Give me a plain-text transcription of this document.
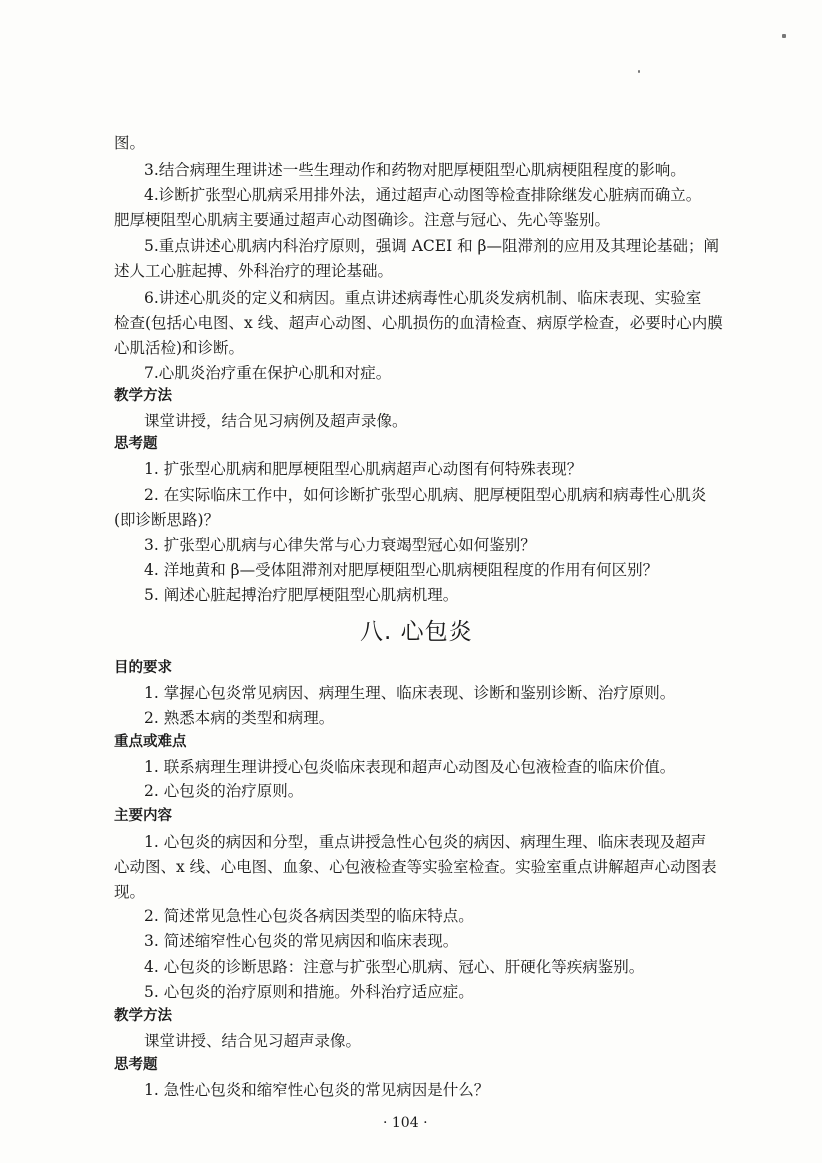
图。
3.结合病理生理讲述一些生理动作和药物对肥厚梗阻型心肌病梗阻程度的影响。
4.诊断扩张型心肌病采用排外法，通过超声心动图等检查排除继发心脏病而确立。
肥厚梗阻型心肌病主要通过超声心动图确诊。注意与冠心、先心等鉴别。
5.重点讲述心肌病内科治疗原则，强调 ACEI 和 β—阻滞剂的应用及其理论基础；阐
述人工心脏起搏、外科治疗的理论基础。
6.讲述心肌炎的定义和病因。重点讲述病毒性心肌炎发病机制、临床表现、实验室
检查(包括心电图、x 线、超声心动图、心肌损伤的血清检查、病原学检查，必要时心内膜
心肌活检)和诊断。
7.心肌炎治疗重在保护心肌和对症。
教学方法
课堂讲授，结合见习病例及超声录像。
思考题
1. 扩张型心肌病和肥厚梗阻型心肌病超声心动图有何特殊表现？
2. 在实际临床工作中，如何诊断扩张型心肌病、肥厚梗阻型心肌病和病毒性心肌炎
(即诊断思路)？
3. 扩张型心肌病与心律失常与心力衰竭型冠心如何鉴别？
4. 洋地黄和 β—受体阻滞剂对肥厚梗阻型心肌病梗阻程度的作用有何区别？
5. 阐述心脏起搏治疗肥厚梗阻型心肌病机理。
八. 心包炎
目的要求
1. 掌握心包炎常见病因、病理生理、临床表现、诊断和鉴别诊断、治疗原则。
2. 熟悉本病的类型和病理。
重点或难点
1. 联系病理生理讲授心包炎临床表现和超声心动图及心包液检查的临床价值。
2. 心包炎的治疗原则。
主要内容
1. 心包炎的病因和分型，重点讲授急性心包炎的病因、病理生理、临床表现及超声
心动图、x 线、心电图、血象、心包液检查等实验室检查。实验室重点讲解超声心动图表
现。
2. 简述常见急性心包炎各病因类型的临床特点。
3. 简述缩窄性心包炎的常见病因和临床表现。
4. 心包炎的诊断思路：注意与扩张型心肌病、冠心、肝硬化等疾病鉴别。
5. 心包炎的治疗原则和措施。外科治疗适应症。
教学方法
课堂讲授、结合见习超声录像。
思考题
1. 急性心包炎和缩窄性心包炎的常见病因是什么？
· 104 ·
